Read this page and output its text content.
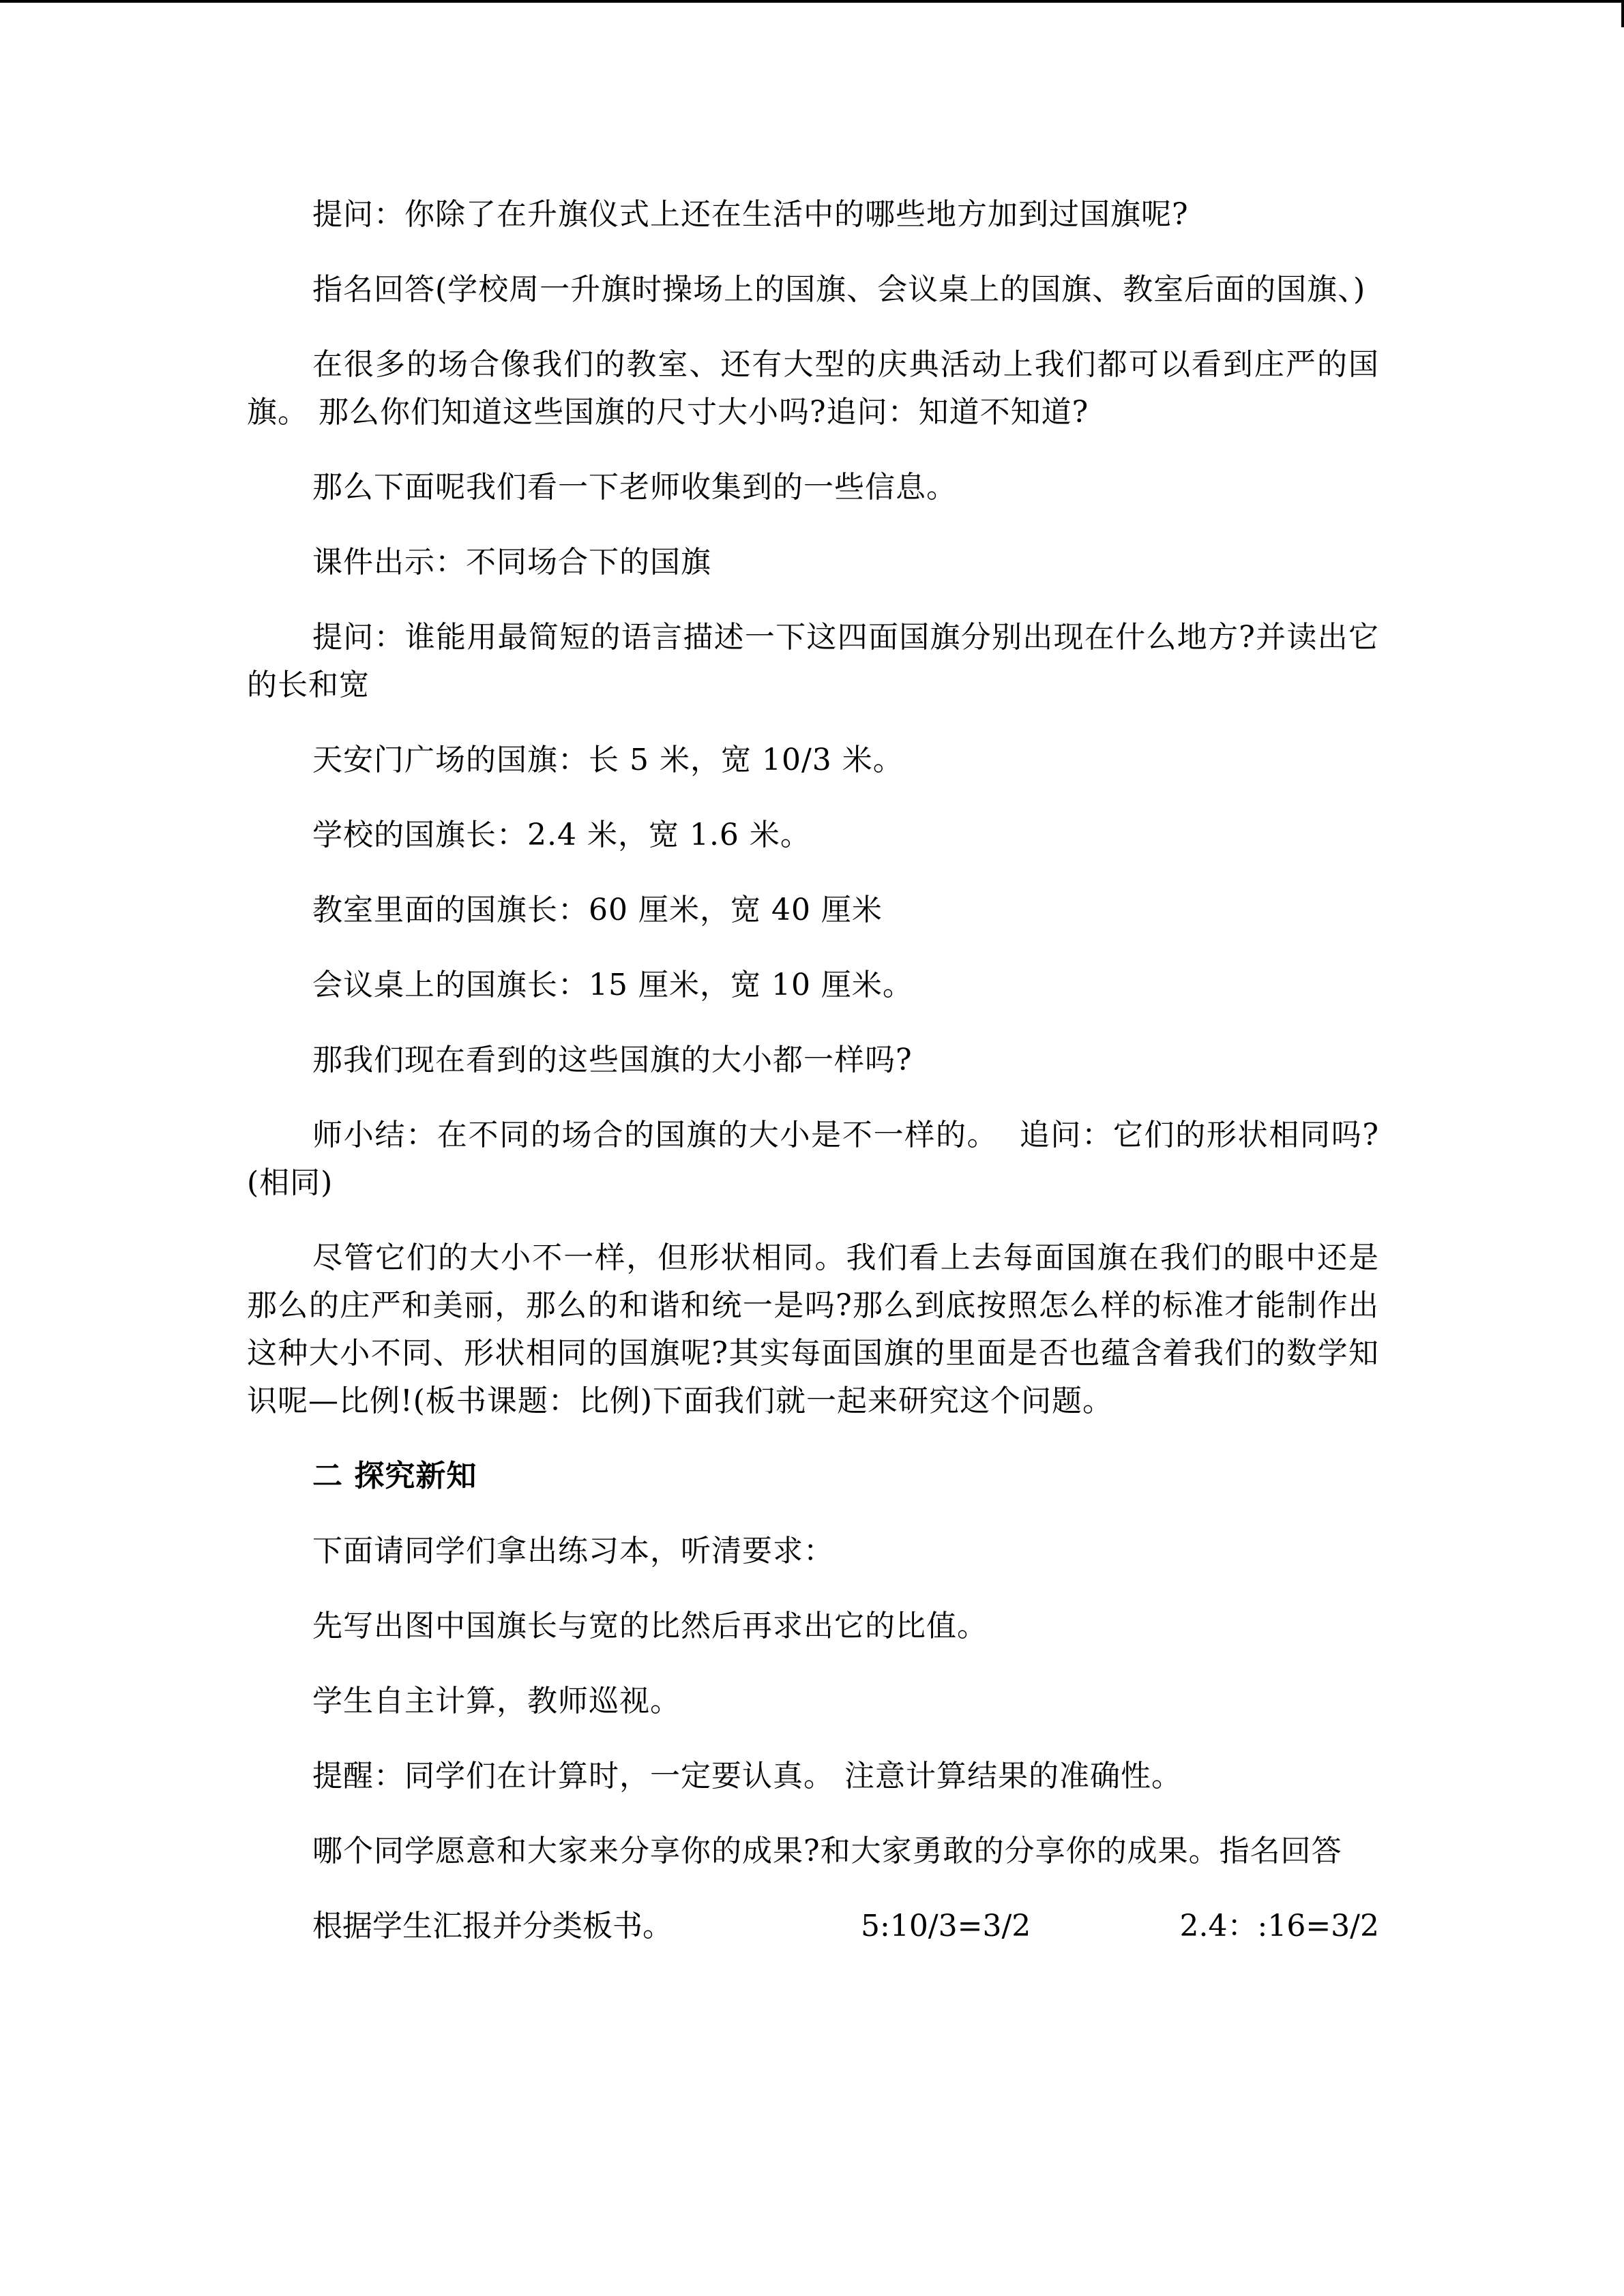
提问：你除了在升旗仪式上还在生活中的哪些地方加到过国旗呢?

指名回答(学校周一升旗时操场上的国旗、会议桌上的国旗、教室后面的国旗、)

在很多的场合像我们的教室、还有大型的庆典活动上我们都可以看到庄严的国旗。 那么你们知道这些国旗的尺寸大小吗?追问：知道不知道?

那么下面呢我们看一下老师收集到的一些信息。

课件出示：不同场合下的国旗

提问：谁能用最简短的语言描述一下这四面国旗分别出现在什么地方?并读出它的长和宽

天安门广场的国旗：长 5 米，宽 10/3 米。

学校的国旗长：2.4 米，宽 1.6 米。

教室里面的国旗长：60 厘米，宽 40 厘米

会议桌上的国旗长：15 厘米，宽 10 厘米。

那我们现在看到的这些国旗的大小都一样吗?

师小结：在不同的场合的国旗的大小是不一样的。  追问：它们的形状相同吗?(相同)

尽管它们的大小不一样，但形状相同。我们看上去每面国旗在我们的眼中还是那么的庄严和美丽，那么的和谐和统一是吗?那么到底按照怎么样的标准才能制作出这种大小不同、形状相同的国旗呢?其实每面国旗的里面是否也蕴含着我们的数学知识呢—比例!(板书课题：比例)下面我们就一起来研究这个问题。

二 探究新知

下面请同学们拿出练习本，听清要求：

先写出图中国旗长与宽的比然后再求出它的比值。

学生自主计算，教师巡视。

提醒：同学们在计算时，一定要认真。 注意计算结果的准确性。

哪个同学愿意和大家来分享你的成果?和大家勇敢的分享你的成果。指名回答

根据学生汇报并分类板书。	5:10/3=3/2	2.4：:16=3/2
